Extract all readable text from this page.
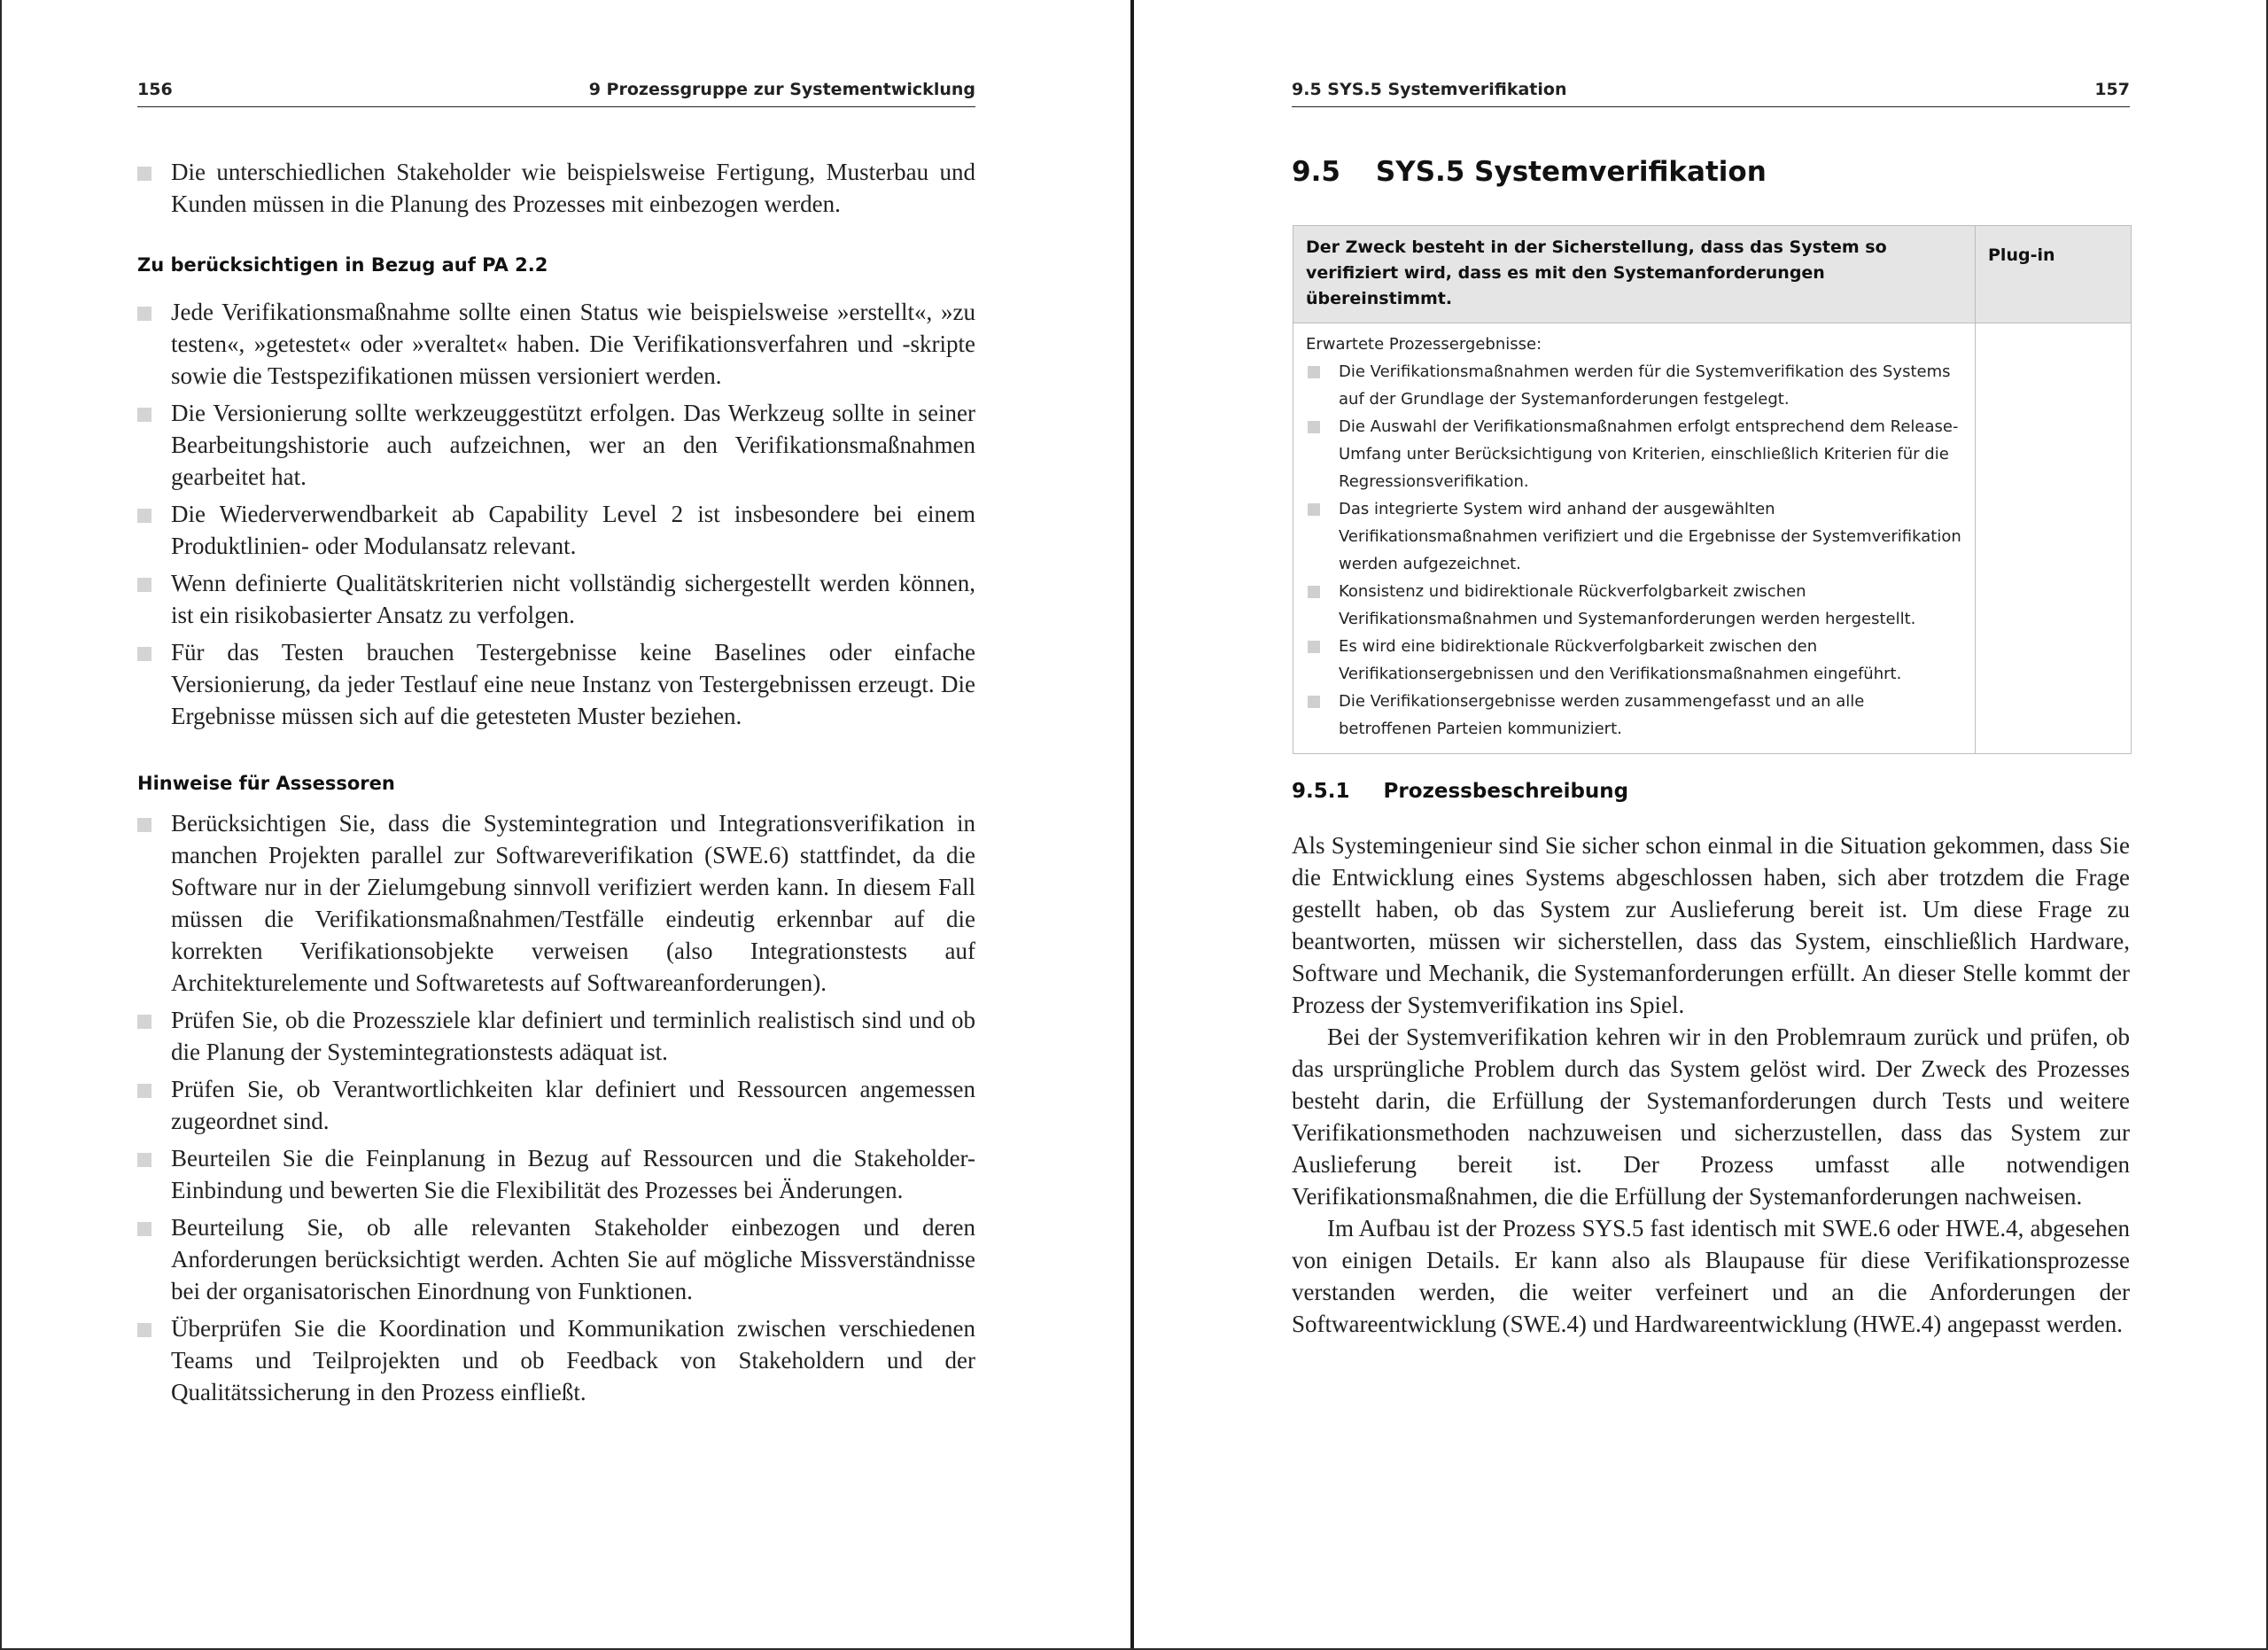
156	9 Prozessgruppe zur Systementwicklung
Die unterschiedlichen Stakeholder wie beispielsweise Fertigung, Musterbau und Kunden müssen in die Planung des Prozesses mit einbezogen werden.
Zu berücksichtigen in Bezug auf PA 2.2
Jede Verifikationsmaßnahme sollte einen Status wie beispielsweise »erstellt«, »zu testen«, »getestet« oder »veraltet« haben. Die Verifikationsverfahren und -skripte sowie die Testspezifikationen müssen versioniert werden.
Die Versionierung sollte werkzeuggestützt erfolgen. Das Werkzeug sollte in seiner Bearbeitungshistorie auch aufzeichnen, wer an den Verifikationsmaßnahmen gearbeitet hat.
Die Wiederverwendbarkeit ab Capability Level 2 ist insbesondere bei einem Produktlinien- oder Modulansatz relevant.
Wenn definierte Qualitätskriterien nicht vollständig sichergestellt werden können, ist ein risikobasierter Ansatz zu verfolgen.
Für das Testen brauchen Testergebnisse keine Baselines oder einfache Versionierung, da jeder Testlauf eine neue Instanz von Testergebnissen erzeugt. Die Ergebnisse müssen sich auf die getesteten Muster beziehen.
Hinweise für Assessoren
Berücksichtigen Sie, dass die Systemintegration und Integrationsverifikation in manchen Projekten parallel zur Softwareverifikation (SWE.6) stattfindet, da die Software nur in der Zielumgebung sinnvoll verifiziert werden kann. In diesem Fall müssen die Verifikationsmaßnahmen/Testfälle eindeutig erkennbar auf die korrekten Verifikationsobjekte verweisen (also Integrationstests auf Architekturelemente und Softwaretests auf Softwareanforderungen).
Prüfen Sie, ob die Prozessziele klar definiert und terminlich realistisch sind und ob die Planung der Systemintegrationstests adäquat ist.
Prüfen Sie, ob Verantwortlichkeiten klar definiert und Ressourcen angemessen zugeordnet sind.
Beurteilen Sie die Feinplanung in Bezug auf Ressourcen und die Stakeholder-Einbindung und bewerten Sie die Flexibilität des Prozesses bei Änderungen.
Beurteilung Sie, ob alle relevanten Stakeholder einbezogen und deren Anforderungen berücksichtigt werden. Achten Sie auf mögliche Missverständnisse bei der organisatorischen Einordnung von Funktionen.
Überprüfen Sie die Koordination und Kommunikation zwischen verschiedenen Teams und Teilprojekten und ob Feedback von Stakeholdern und der Qualitätssicherung in den Prozess einfließt.
9.5 SYS.5 Systemverifikation	157
9.5 SYS.5 Systemverifikation
Der Zweck besteht in der Sicherstellung, dass das System so verifiziert wird, dass es mit den Systemanforderungen übereinstimmt.
Plug-in
Erwartete Prozessergebnisse:
Die Verifikationsmaßnahmen werden für die Systemverifikation des Systems auf der Grundlage der Systemanforderungen festgelegt.
Die Auswahl der Verifikationsmaßnahmen erfolgt entsprechend dem Release-Umfang unter Berücksichtigung von Kriterien, einschließlich Kriterien für die Regressionsverifikation.
Das integrierte System wird anhand der ausgewählten Verifikationsmaßnahmen verifiziert und die Ergebnisse der Systemverifikation werden aufgezeichnet.
Konsistenz und bidirektionale Rückverfolgbarkeit zwischen Verifikationsmaßnahmen und Systemanforderungen werden hergestellt.
Es wird eine bidirektionale Rückverfolgbarkeit zwischen den Verifikationsergebnissen und den Verifikationsmaßnahmen eingeführt.
Die Verifikationsergebnisse werden zusammengefasst und an alle betroffenen Parteien kommuniziert.
9.5.1 Prozessbeschreibung

Als Systemingenieur sind Sie sicher schon einmal in die Situation gekommen, dass Sie die Entwicklung eines Systems abgeschlossen haben, sich aber trotzdem die Frage gestellt haben, ob das System zur Auslieferung bereit ist. Um diese Frage zu beantworten, müssen wir sicherstellen, dass das System, einschließlich Hardware, Software und Mechanik, die Systemanforderungen erfüllt. An dieser Stelle kommt der Prozess der Systemverifikation ins Spiel.

Bei der Systemverifikation kehren wir in den Problemraum zurück und prüfen, ob das ursprüngliche Problem durch das System gelöst wird. Der Zweck des Prozesses besteht darin, die Erfüllung der Systemanforderungen durch Tests und weitere Verifikationsmethoden nachzuweisen und sicherzustellen, dass das System zur Auslieferung bereit ist. Der Prozess umfasst alle notwendigen Verifikationsmaßnahmen, die die Erfüllung der Systemanforderungen nachweisen.

Im Aufbau ist der Prozess SYS.5 fast identisch mit SWE.6 oder HWE.4, abgesehen von einigen Details. Er kann also als Blaupause für diese Verifikationsprozesse verstanden werden, die weiter verfeinert und an die Anforderungen der Softwareentwicklung (SWE.4) und Hardwareentwicklung (HWE.4) angepasst werden.
